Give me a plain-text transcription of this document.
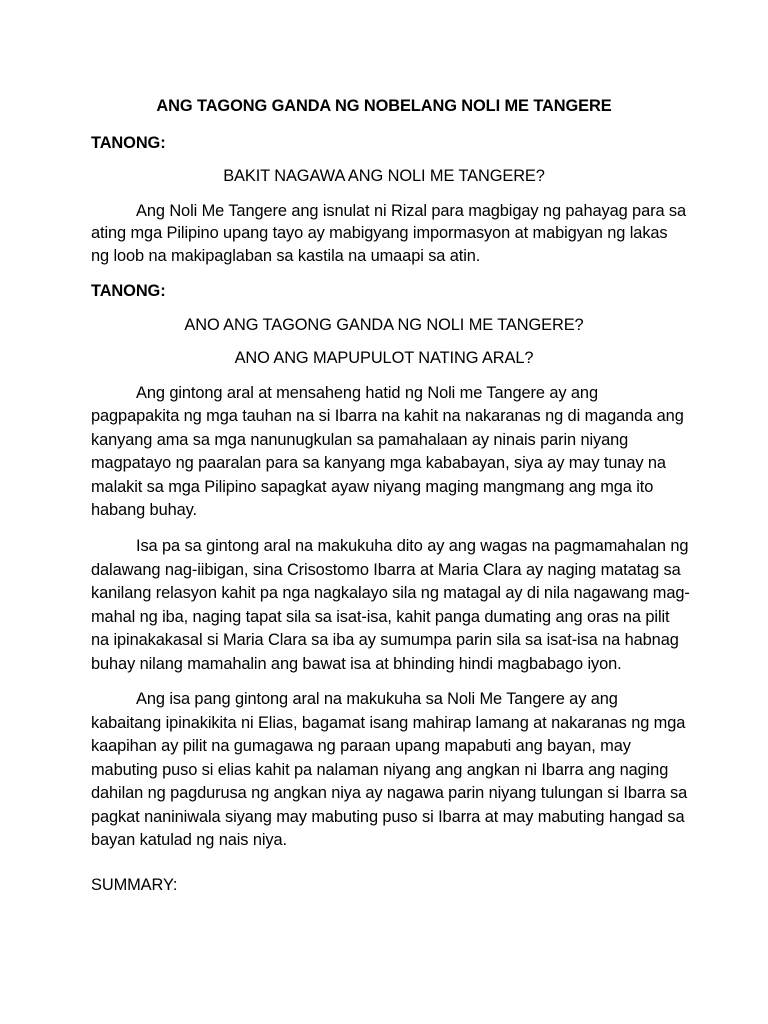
ANG TAGONG GANDA NG NOBELANG NOLI ME TANGERE
TANONG:
BAKIT NAGAWA ANG NOLI ME TANGERE?
Ang Noli Me Tangere ang isnulat ni Rizal para magbigay ng pahayag para sa
ating mga Pilipino upang tayo ay mabigyang impormasyon at mabigyan ng lakas
ng loob na makipaglaban sa kastila na umaapi sa atin.
TANONG:
ANO ANG TAGONG GANDA NG NOLI ME TANGERE?
ANO ANG MAPUPULOT NATING ARAL?
Ang gintong aral at mensaheng hatid ng Noli me Tangere ay ang
pagpapakita ng mga tauhan na si Ibarra na kahit na nakaranas ng di maganda ang
kanyang ama sa mga nanunugkulan sa pamahalaan ay ninais parin niyang
magpatayo ng paaralan para sa kanyang mga kababayan, siya ay may tunay na
malakit sa mga Pilipino sapagkat ayaw niyang maging mangmang ang mga ito
habang buhay.
Isa pa sa gintong aral na makukuha dito ay ang wagas na pagmamahalan ng
dalawang nag-iibigan, sina Crisostomo Ibarra at Maria Clara ay naging matatag sa
kanilang relasyon kahit pa nga nagkalayo sila ng matagal ay di nila nagawang mag-
mahal ng iba, naging tapat sila sa isat-isa, kahit panga dumating ang oras na pilit
na ipinakakasal si Maria Clara sa iba ay sumumpa parin sila sa isat-isa na habnag
buhay nilang mamahalin ang bawat isa at bhinding hindi magbabago iyon.
Ang isa pang gintong aral na makukuha sa Noli Me Tangere ay ang
kabaitang ipinakikita ni Elias, bagamat isang mahirap lamang at nakaranas ng mga
kaapihan ay pilit na gumagawa ng paraan upang mapabuti ang bayan, may
mabuting puso si elias kahit pa nalaman niyang ang angkan ni Ibarra ang naging
dahilan ng pagdurusa ng angkan niya ay nagawa parin niyang tulungan si Ibarra sa
pagkat naniniwala siyang may mabuting puso si Ibarra at may mabuting hangad sa
bayan katulad ng nais niya.
SUMMARY:
